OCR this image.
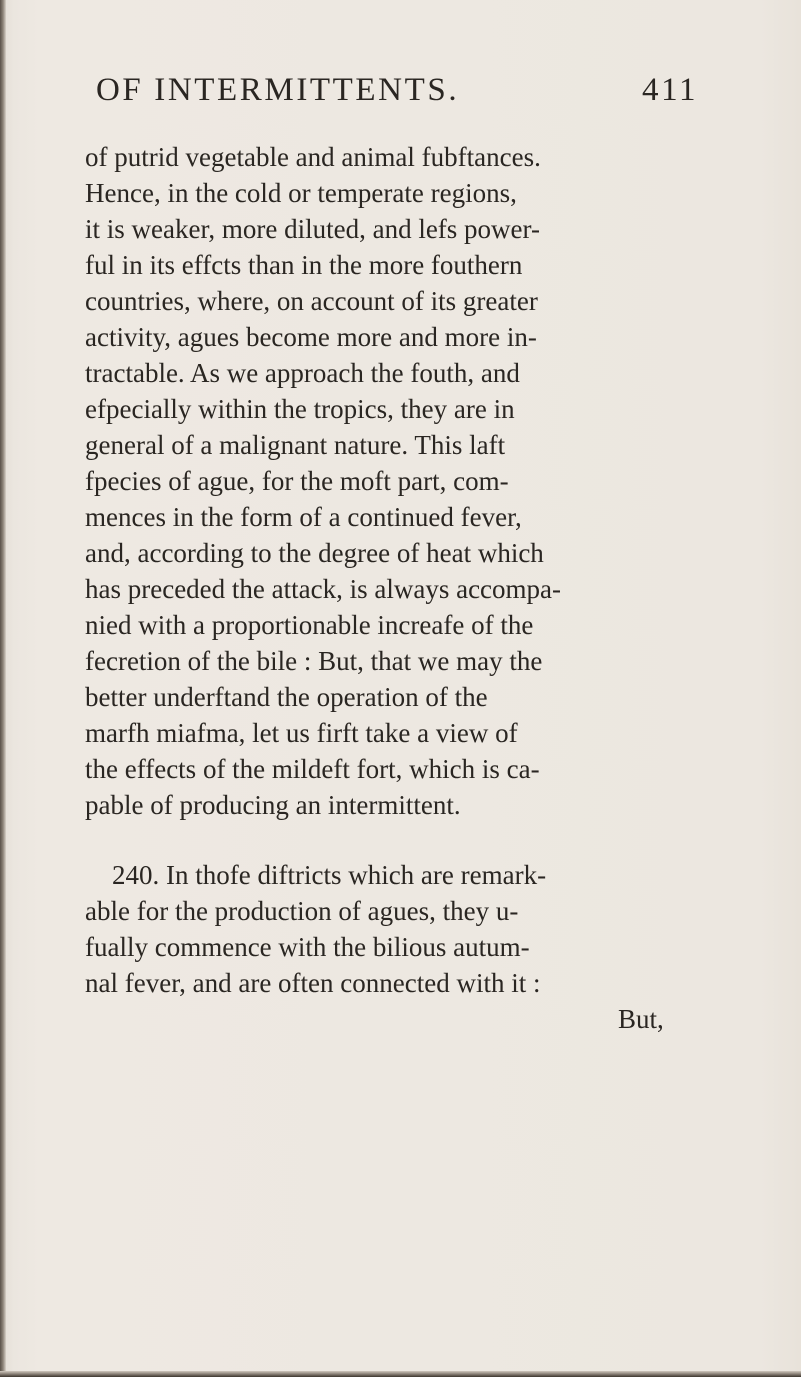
OF INTERMITTENTS.	411
of putrid vegetable and animal fubftances.
Hence, in the cold or temperate regions,
it is weaker, more diluted, and lefs power-
ful in its effcts than in the more fouthern
countries, where, on account of its greater
activity, agues become more and more in-
tractable. As we approach the fouth, and
efpecially within the tropics, they are in
general of a malignant nature. This laft
fpecies of ague, for the moft part, com-
mences in the form of a continued fever,
and, according to the degree of heat which
has preceded the attack, is always accompa-
nied with a proportionable increafe of the
fecretion of the bile : But, that we may the
better underftand the operation of the
marfh miafma, let us firft take a view of
the effects of the mildeft fort, which is ca-
pable of producing an intermittent.
240. In thofe diftricts which are remark-
able for the production of agues, they u-
fually commence with the bilious autum-
nal fever, and are often connected with it :
But,
